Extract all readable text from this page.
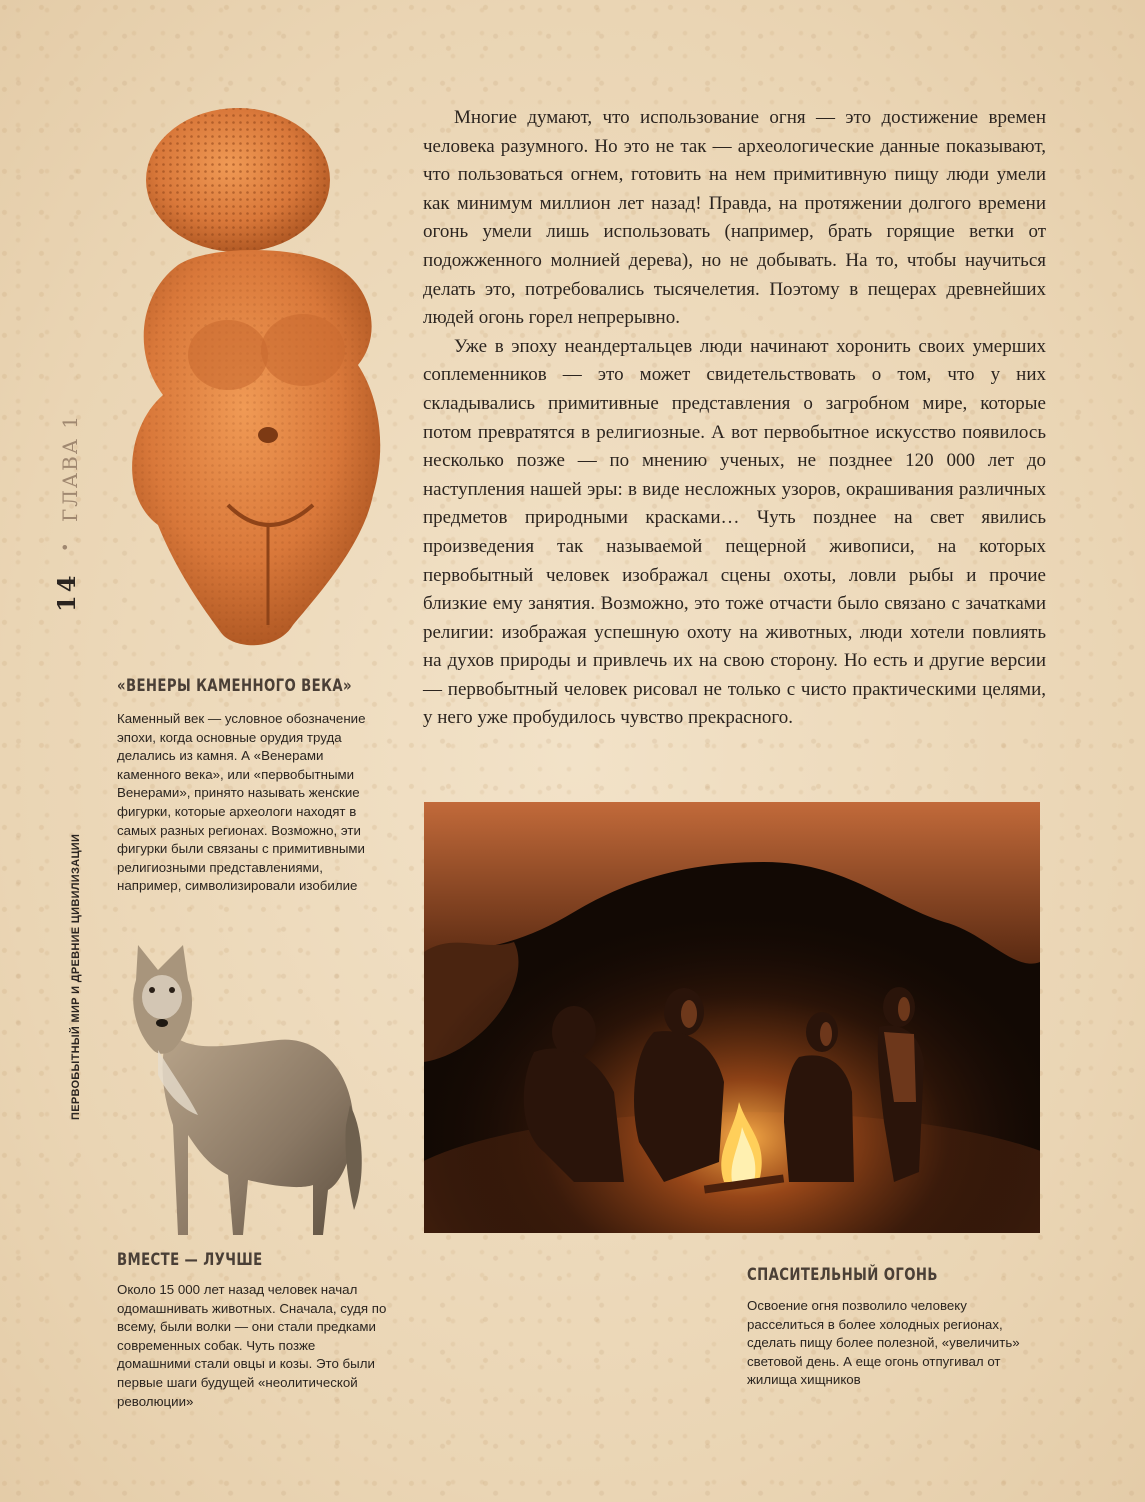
14
•
ГЛАВА 1
ПЕРВОБЫТНЫЙ МИР И ДРЕВНИЕ ЦИВИЛИЗАЦИИ
«ВЕНЕРЫ КАМЕННОГО ВЕКА»

Каменный век — условное обозначение эпохи, когда основные орудия труда делались из камня. А «Венерами каменного века», или «первобытными Венерами», принято называть женские фигурки, которые археологи находят в самых разных регионах. Возможно, эти фигурки были связаны с примитивными религиозными представлениями, например, символизировали изобилие

ВМЕСТЕ — ЛУЧШЕ

Около 15 000 лет назад человек начал одомашнивать животных. Сначала, судя по всему, были волки — они стали предками современных собак. Чуть позже домашними стали овцы и козы. Это были первые шаги будущей «неолитической революции»

Многие думают, что использование огня — это достижение времен человека разумного. Но это не так — археологические данные показывают, что пользоваться огнем, готовить на нем примитивную пищу люди умели как минимум миллион лет назад! Правда, на протяжении долгого времени огонь умели лишь использовать (например, брать горящие ветки от подожженного молнией дерева), но не добывать. На то, чтобы научиться делать это, потребовались тысячелетия. Поэтому в пещерах древнейших людей огонь горел непрерывно.

Уже в эпоху неандертальцев люди начинают хоронить своих умерших соплеменников — это может свидетельствовать о том, что у них складывались примитивные представления о загробном мире, которые потом превратятся в религиозные. А вот первобытное искусство появилось несколько позже — по мнению ученых, не позднее 120 000 лет до наступления нашей эры: в виде несложных узоров, окрашивания различных предметов природными красками… Чуть позднее на свет явились произведения так называемой пещерной живописи, на которых первобытный человек изображал сцены охоты, ловли рыбы и прочие близкие ему занятия. Возможно, это тоже отчасти было связано с зачатками религии: изображая успешную охоту на животных, люди хотели повлиять на духов природы и привлечь их на свою сторону. Но есть и другие версии — первобытный человек рисовал не только с чисто практическими целями, у него уже пробудилось чувство прекрасного.

СПАСИТЕЛЬНЫЙ ОГОНЬ

Освоение огня позволило человеку расселиться в более холодных регионах, сделать пищу более полезной, «увеличить» световой день. А еще огонь отпугивал от жилища хищников
